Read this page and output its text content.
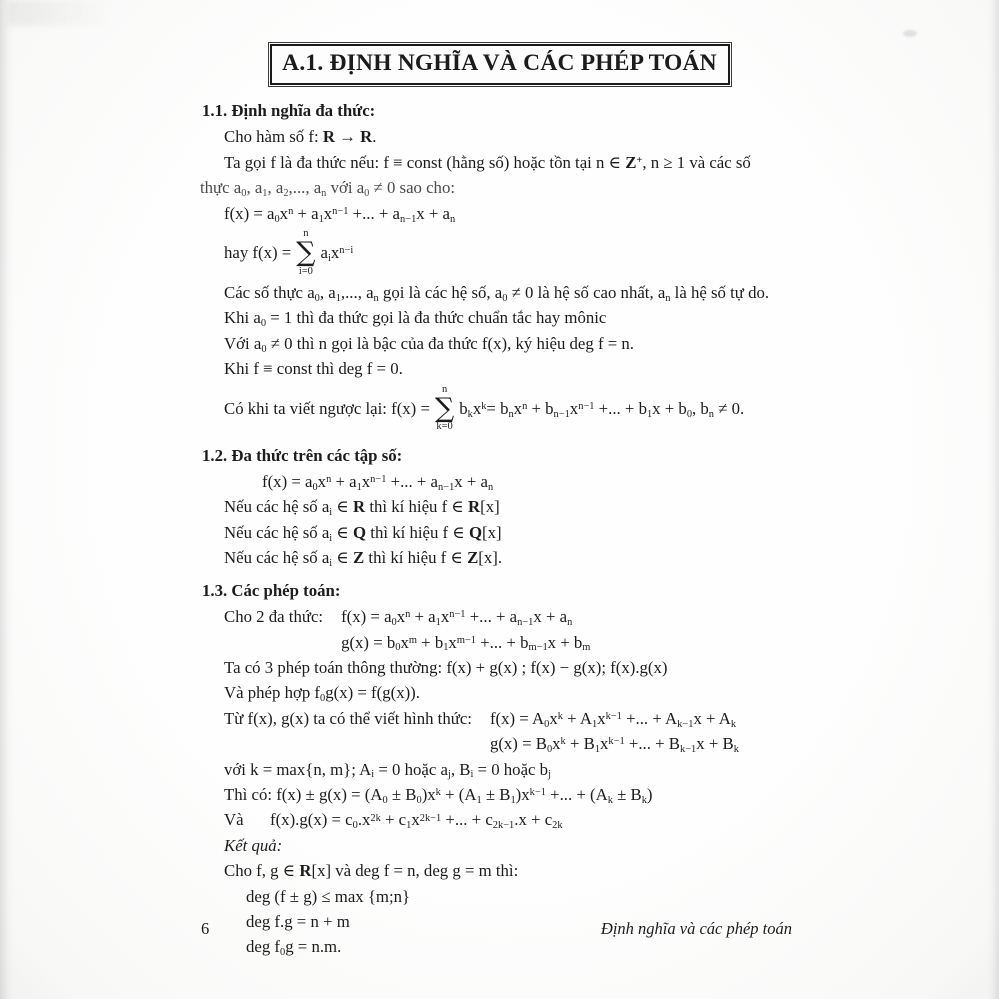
A.1. ĐỊNH NGHĨA VÀ CÁC PHÉP TOÁN
1.1. Định nghĩa đa thức:
Cho hàm số f: R → R.
Ta gọi f là đa thức nếu: f ≡ const (hằng số) hoặc tồn tại n ∈ Z+, n ≥ 1 và các số
thực $a_0$, $a_1$, $a_2$,..., $a_n$ với $a_0 \ne 0$ sao cho:
$f(x) = a_0x^n + a_1x^{n-1}$ +... + $a_{n-1}x + a_n$
hay f(x) =
n
∑
i=0
$a_ix^{n-i}$
Các số thực $a_0$, $a_1$,..., $a_n$ gọi là các hệ số, $a_0 \ne 0$ là hệ số cao nhất, $a_n$ là hệ số tự do.
Khi $a_0 = 1$ thì đa thức gọi là đa thức chuẩn tắc hay mônic
Với $a_0 \ne 0$ thì n gọi là bậc của đa thức f(x), ký hiệu deg f = n.
Khi f ≡ const thì deg f = 0.
Có khi ta viết ngược lại: f(x) =
n
∑
k=0
$b_kx^k = b_nx^n + b_{n-1}x^{n-1}$ +... + $b_1x + b_0$, $b_n \ne 0$.
1.2. Đa thức trên các tập số:
$f(x) = a_0x^n + a_1x^{n-1}$ +... + $a_{n-1}x + a_n$
Nếu các hệ số $a_i$ ∈ R thì kí hiệu f ∈ R[x]
Nếu các hệ số $a_i$ ∈ Q thì kí hiệu f ∈ Q[x]
Nếu các hệ số $a_i$ ∈ Z thì kí hiệu f ∈ Z[x].
1.3. Các phép toán:
Cho 2 đa thức: $f(x) = a_0x^n + a_1x^{n-1}$ +... + $a_{n-1}x + a_n$
$g(x) = b_0x^m + b_1x^{m-1}$ +... + $b_{m-1}x + b_m$
Ta có 3 phép toán thông thường: f(x) + g(x) ; f(x) − g(x); f(x).g(x)
Và phép hợp $f_0g(x) = f(g(x))$.
Từ f(x), g(x) ta có thể viết hình thức: $f(x) = A_0x^k + A_1x^{k-1}$ +... + $A_{k-1}x + A_k$
$g(x) = B_0x^k + B_1x^{k-1}$ +... + $B_{k-1}x + B_k$
với k = max{n, m}; $A_i = 0$ hoặc $a_j$, $B_i = 0$ hoặc $b_j$
Thì có: $f(x) \pm g(x) = (A_0 \pm B_0)x^k + (A_1 \pm B_1)x^{k-1}$ +... + $(A_k \pm B_k)$
Và	$f(x).g(x) = c_0.x^{2k} + c_1x^{2k-1}$ +... + $c_{2k-1}.x + c_{2k}$
Kết quả:
Cho f, g ∈ R[x] và deg f = n, deg g = m thì:
deg (f ± g) ≤ max {m;n}
deg f.g = n + m
deg $f_0g = n.m$.
6	Định nghĩa và các phép toán
